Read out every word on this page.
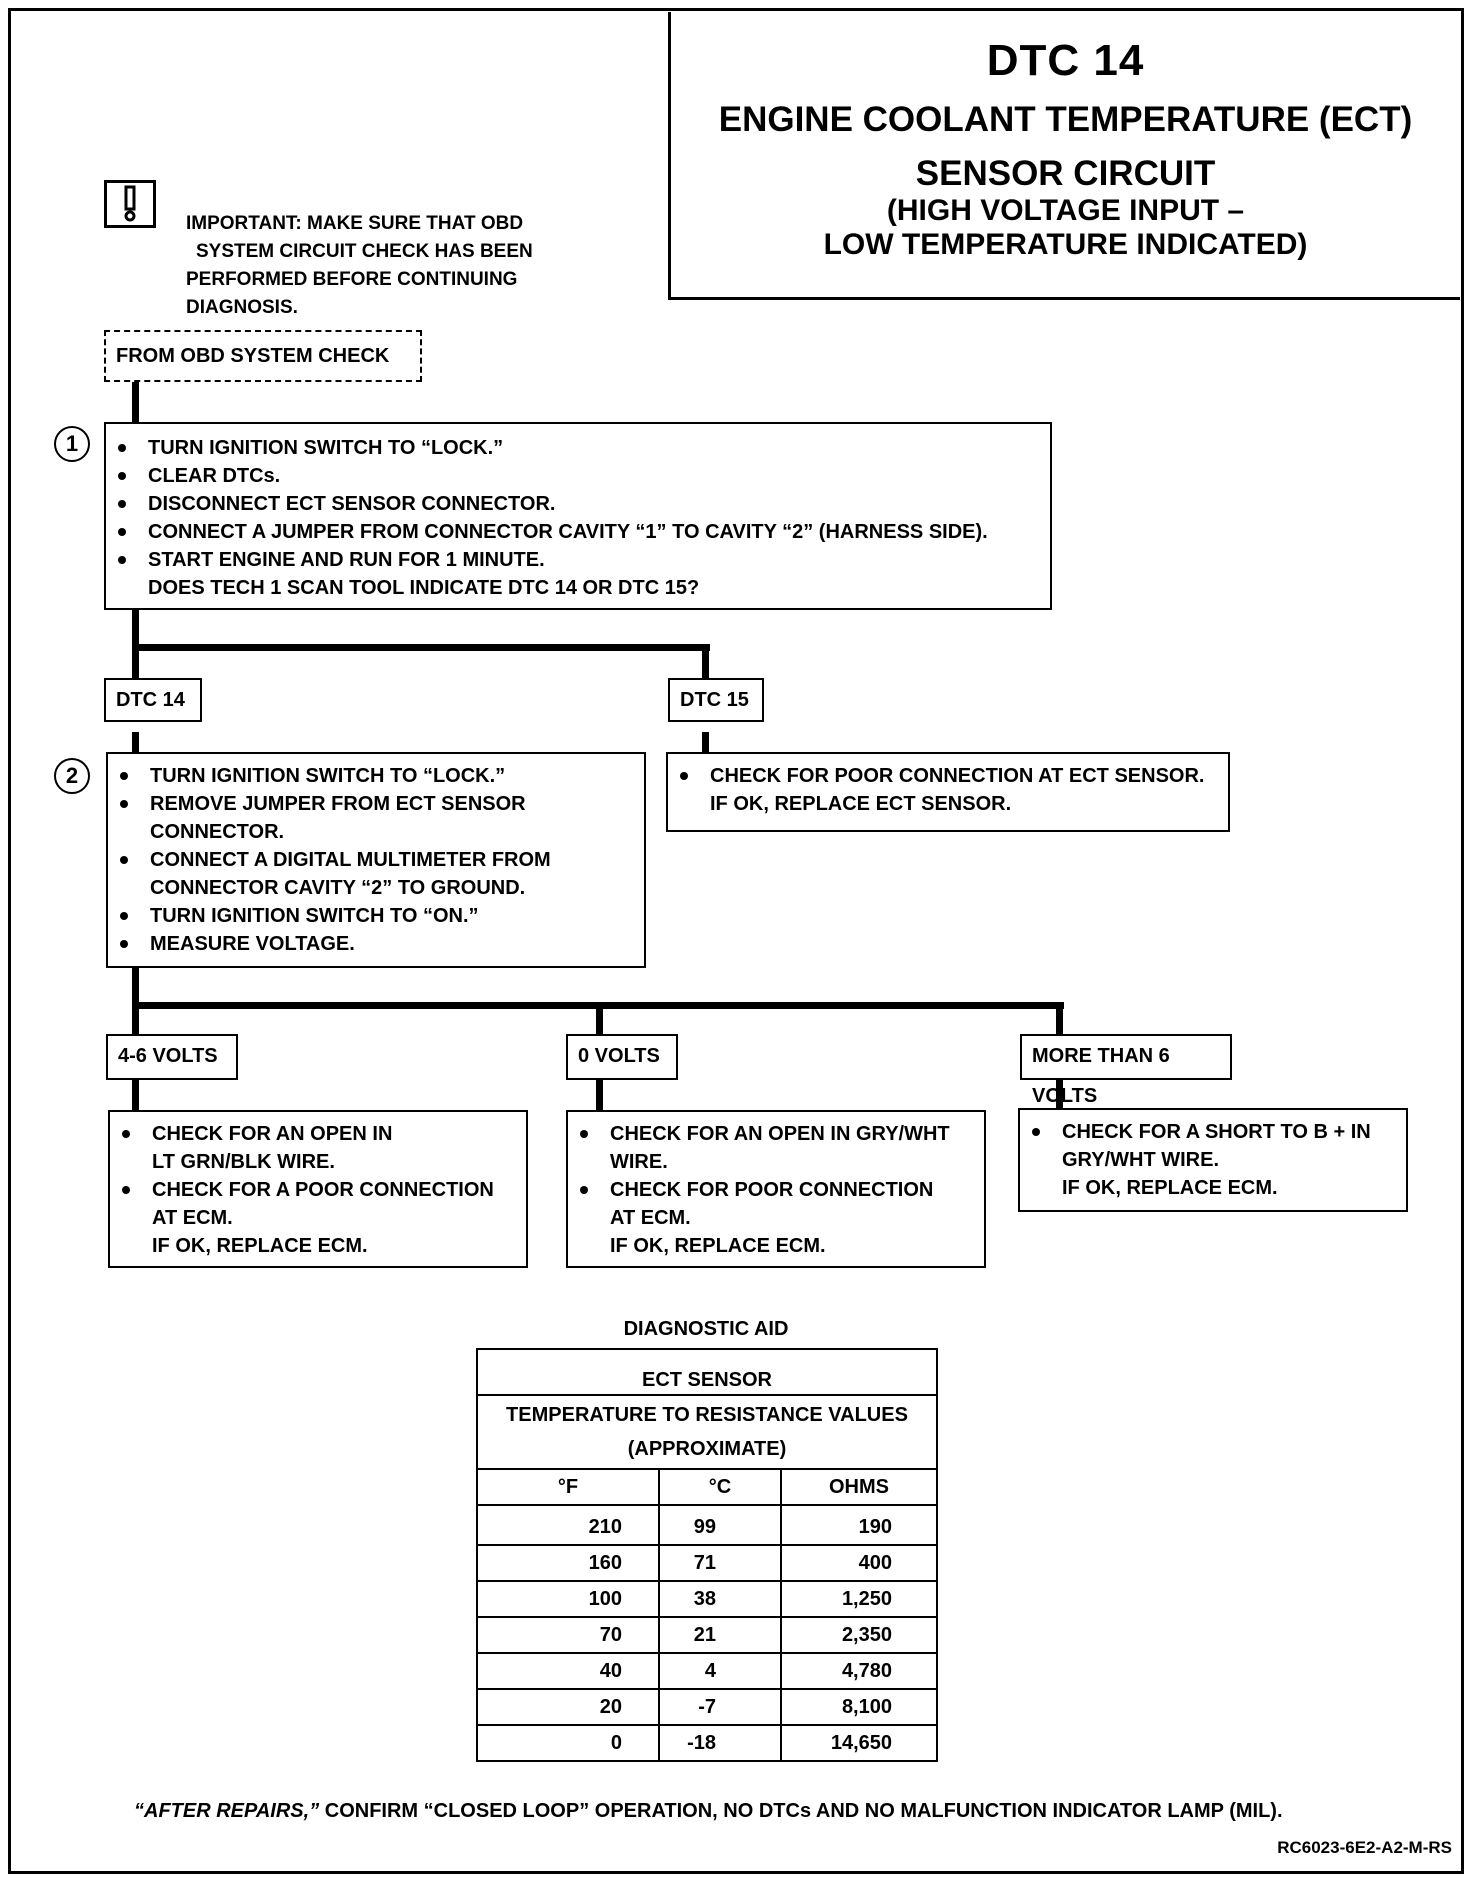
DTC 14
ENGINE COOLANT TEMPERATURE (ECT)
SENSOR CIRCUIT
(HIGH VOLTAGE INPUT –
LOW TEMPERATURE INDICATED)
IMPORTANT: MAKE SURE THAT OBD
SYSTEM CIRCUIT CHECK HAS BEEN
PERFORMED BEFORE CONTINUING
DIAGNOSIS.
FROM OBD SYSTEM CHECK
1	TURN IGNITION SWITCH TO “LOCK.”
CLEAR DTCs.
DISCONNECT ECT SENSOR CONNECTOR.
CONNECT A JUMPER FROM CONNECTOR CAVITY “1” TO CAVITY “2” (HARNESS SIDE).
START ENGINE AND RUN FOR 1 MINUTE.
DOES TECH 1 SCAN TOOL INDICATE DTC 14 OR DTC 15?
DTC 14	DTC 15
2	TURN IGNITION SWITCH TO “LOCK.”
REMOVE JUMPER FROM ECT SENSOR
CONNECTOR.
CONNECT A DIGITAL MULTIMETER FROM
CONNECTOR CAVITY “2” TO GROUND.
TURN IGNITION SWITCH TO “ON.”
MEASURE VOLTAGE.
CHECK FOR POOR CONNECTION AT ECT SENSOR.
IF OK, REPLACE ECT SENSOR.
4-6 VOLTS	0 VOLTS	MORE THAN 6 VOLTS
CHECK FOR AN OPEN IN
LT GRN/BLK WIRE.
CHECK FOR A POOR CONNECTION
AT ECM.
IF OK, REPLACE ECM.
CHECK FOR AN OPEN IN GRY/WHT
WIRE.
CHECK FOR POOR CONNECTION
AT ECM.
IF OK, REPLACE ECM.
CHECK FOR A SHORT TO B + IN
GRY/WHT WIRE.
IF OK, REPLACE ECM.
DIAGNOSTIC AID
ECT SENSOR		

TEMPERATURE TO RESISTANCE VALUES
(APPROXIMATE)		

°F	°C	OHMS
210	99	190
160	71	400
100	38	1,250
70	21	2,350
40	4	4,780
20	-7	8,100
0	-18	14,650
“AFTER REPAIRS,” CONFIRM “CLOSED LOOP” OPERATION, NO DTCs AND NO MALFUNCTION INDICATOR LAMP (MIL).
RC6023-6E2-A2-M-RS
